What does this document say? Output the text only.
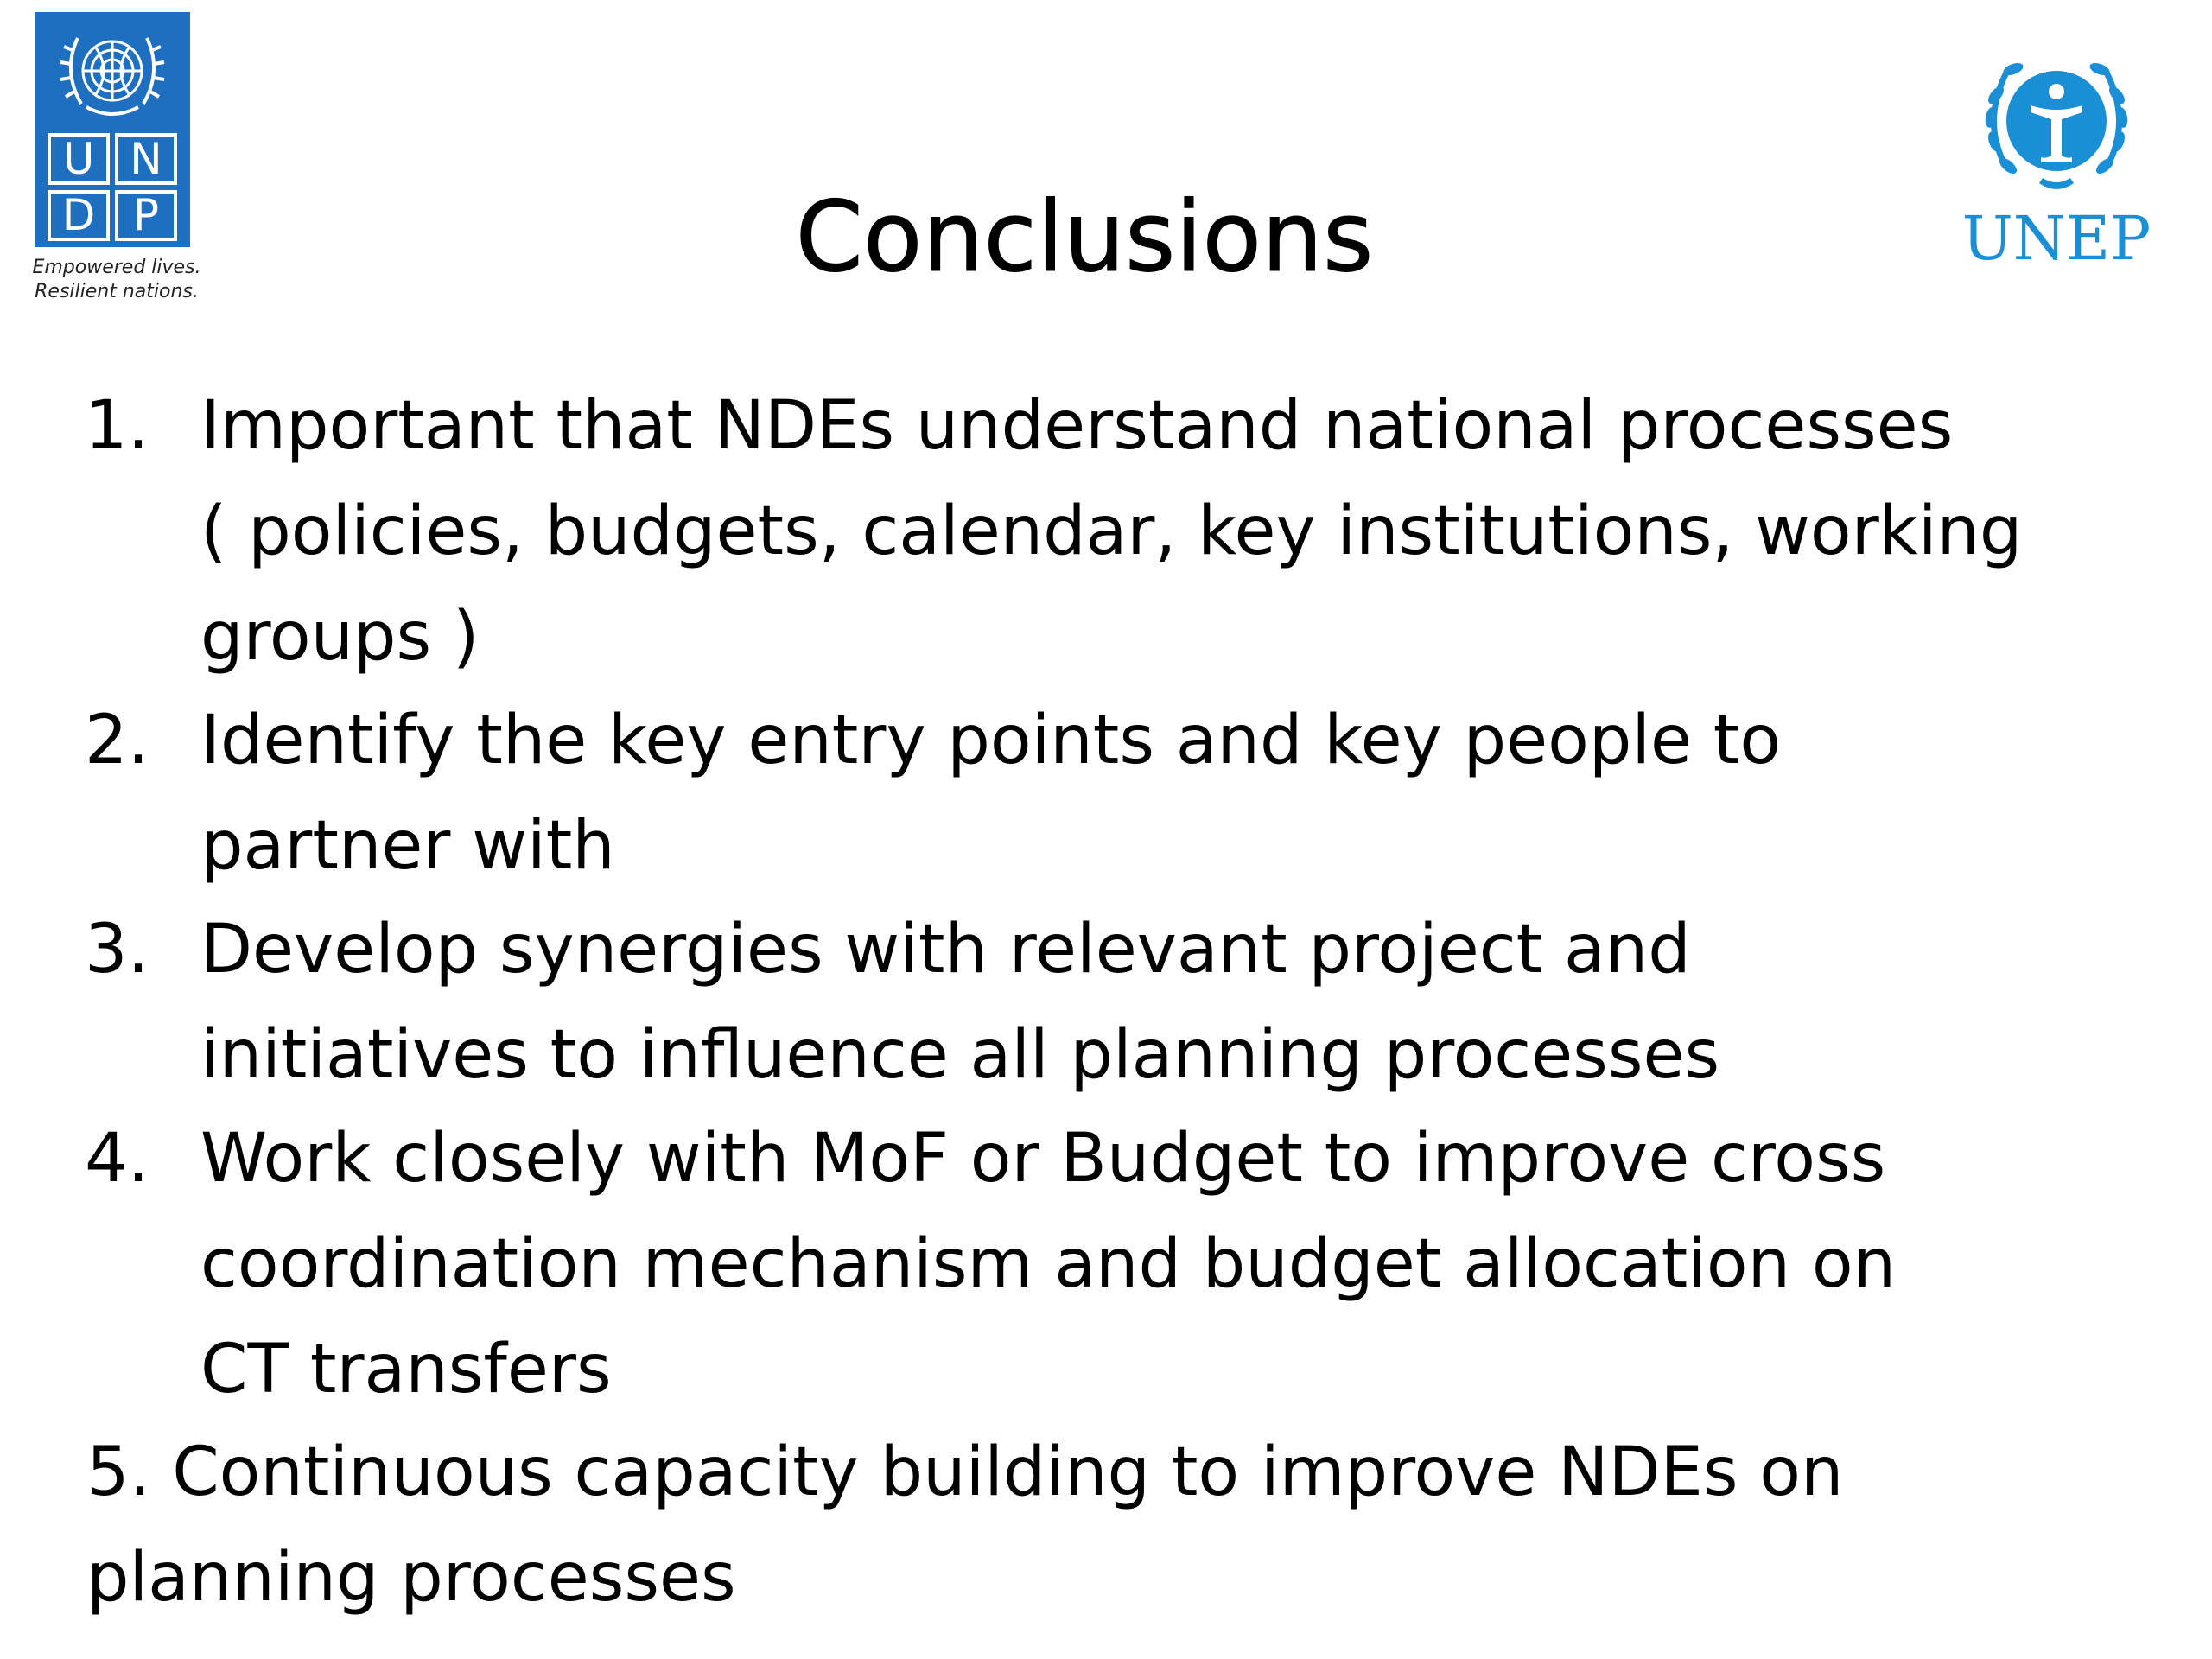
U N
D P
Empowered lives.
Resilient nations.
UNEP
Conclusions
1. Important that NDEs understand national processes
( policies, budgets, calendar, key institutions, working
groups )
2. Identify the key entry points and key people to
partner with
3. Develop synergies with relevant project and
initiatives to influence all planning processes
4. Work closely with MoF or Budget to improve cross
coordination mechanism and budget allocation on
CT transfers
5. Continuous capacity building to improve NDEs on
planning processes
